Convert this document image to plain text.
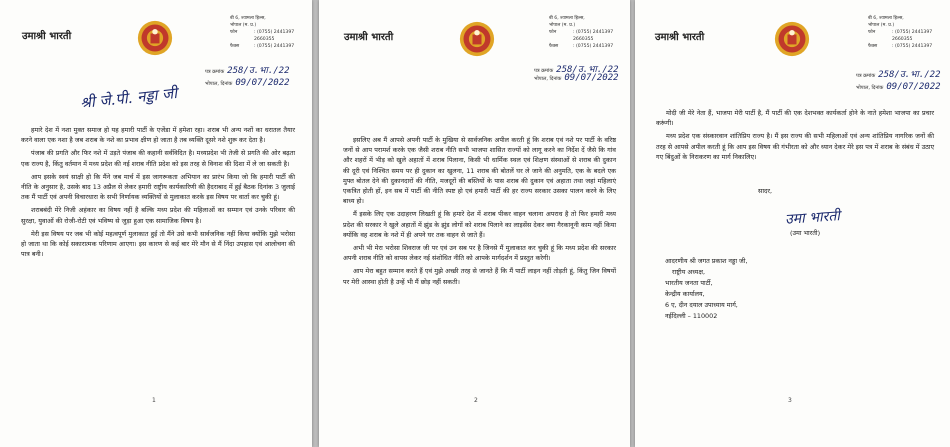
उमाश्री भारती
बी 6, श्यामला हिल्स,
भोपाल (म. प्र.)
फोन	: (0755) 2441397
2660355
फैक्स	: (0755) 2441397
पत्र क्रमांक 258/उ.भा./22
भोपाल, दिनांक 09/07/2022
श्री जे.पी. नड्डा जी

हमारे देश में नशा मुक्त समाज हो यह हमारी पार्टी के एजेंडा में हमेशा रहा। शराब भी अन्य नशों का धरातल तैयार करने वाला एक नशा है जब शराब के नशे का प्रभाव क्षीण हो जाता है तब व्यक्ति दूसरे नशे शुरू कर देता है।

पंजाब की प्रगति और फिर नशे में उड़ते पंजाब की कहानी सर्वविदित है। मध्यप्रदेश भी तेजी से प्रगति की ओर बढ़ता एक राज्य है, किंतु वर्तमान में मध्य प्रदेश की नई शराब नीति प्रदेश को इस तरह से विनाश की दिशा में ले जा सकती है।

आप इसके स्वयं साक्षी हो कि मैंने जब मार्च में इस जागरूकता अभियान का प्रारंभ किया जो कि हमारी पार्टी की नीति के अनुसार है, उसके बाद 13 अप्रैल से लेकर हमारी राष्ट्रीय कार्यकारिणी की हैदराबाद में हुई बैठक दिनांक 3 जुलाई तक मैं पार्टी एवं अपनी विचारधारा के सभी निर्णायक व्यक्तियों से मुलाकात करके इस विषय पर वार्ता कर चुकी हूं।

शराबबंदी मेरे निजी अहंकार का विषय नहीं है बल्कि मध्य प्रदेश की महिलाओं का सम्मान एवं उनके परिवार की सुरक्षा, युवाओं की रोजी-रोटी एवं भविष्य से जुड़ा हुआ एक सामाजिक विषय है।

मेरी इस विषय पर जब भी कोई महत्वपूर्ण मुलाकात हुई तो मैंने उसे कभी सार्वजनिक नहीं किया क्योंकि मुझे भरोसा हो जाता था कि कोई सकारात्मक परिणाम आएगा। इस कारण से कई बार मेरे मौन से मैं निंदा उपहास एवं आलोचना की पात्र बनी।

1
उमाश्री भारती
बी 6, श्यामला हिल्स,
भोपाल (म. प्र.)
फोन	: (0755) 2441397
2660355
फैक्स	: (0755) 2441397
पत्र क्रमांक 258/उ.भा./22
भोपाल, दिनांक 09/07/2022

इसलिए अब मैं आपसे अपनी पार्टी के मुखिया से सार्वजनिक अपील करती हूं कि शराब एवं नशे पर पार्टी के वरिष्ठ जनों से आप परामर्श करके एक जैसी शराब नीति सभी भाजपा शासित राज्यों को लागू करने का निर्देश दें जैसे कि गांव और शहरों में भीड़ को खुले अहातों में शराब पिलाना, किसी भी धार्मिक स्थल एवं शिक्षण संस्थाओं से शराब की दुकान की दूरी एवं निश्चित समय पर ही दुकान का खुलना, 11 शराब की बोतलें घर ले जाने की अनुमति, एक के बदले एक मुफ्त बोतल देने की दुकानदारों की नीति, मजदूरों की बस्तियों के पास शराब की दुकान एवं अहाता तथा जहां महिलाएं एकत्रित होती हों, इन सब में पार्टी की नीति स्पष्ट हो एवं हमारी पार्टी की हर राज्य सरकार उसका पालन करने के लिए बाध्य हो।

मैं इसके लिए एक उदाहरण लिखती हूं कि हमारे देश में शराब पीकर वाहन चलाना अपराध है तो फिर हमारी मध्य प्रदेश की सरकार ने खुले अहातों में झुंड के झुंड लोगों को शराब पिलाने का लाइसेंस देकर क्या गैरकानूनी काम नहीं किया क्योंकि वह शराब के नशे में ही अपने घर तक वाहन से जाते हैं।

अभी भी मेरा भरोसा शिवराज जी पर एवं उन सब पर है जिनसे मैं मुलाकात कर चुकी हूं कि मध्य प्रदेश की सरकार अपनी शराब नीति को वापस लेकर नई संशोधित नीति को आपके मार्गदर्शन में प्रस्तुत करेगी।

आप मेरा बहुत सम्मान करते हैं एवं मुझे अच्छी तरह से जानते हैं कि मैं पार्टी लाइन नहीं तोड़ती हूं, किंतु जिन विषयों पर मेरी आस्था होती है उन्हें भी मैं छोड़ नहीं सकती।

2
उमाश्री भारती
बी 6, श्यामला हिल्स,
भोपाल (म. प्र.)
फोन	: (0755) 2441397
2660355
फैक्स	: (0755) 2441397
पत्र क्रमांक 258/उ.भा./22
भोपाल, दिनांक 09/07/2022

मोदी जी मेरे नेता हैं, भाजपा मेरी पार्टी है, मैं पार्टी की एक देशभक्त कार्यकर्ता होने के नाते हमेशा भाजपा का प्रचार करूंगी।

मध्य प्रदेश एक संस्कारवान शांतिप्रिय राज्य है। मैं इस राज्य की सभी महिलाओं एवं अन्य शांतिप्रिय नागरिक जनों की तरह से आपसे अपील करती हूं कि आप इस विषय की गंभीरता को और ध्यान देकर मेरे इस पत्र में शराब के संबंध में उठाए गए बिंदुओं के निराकरण का मार्ग निकालिए।

सादर,
उमा भारती
(उमा भारती)
आदरणीय श्री जगत प्रकाश नड्डा जी,
राष्ट्रीय अध्यक्ष,
भारतीय जनता पार्टी,
केन्द्रीय कार्यालय,
6 ए, दीन दयाल उपाध्याय मार्ग,
नईदिल्ली – 110002
3
